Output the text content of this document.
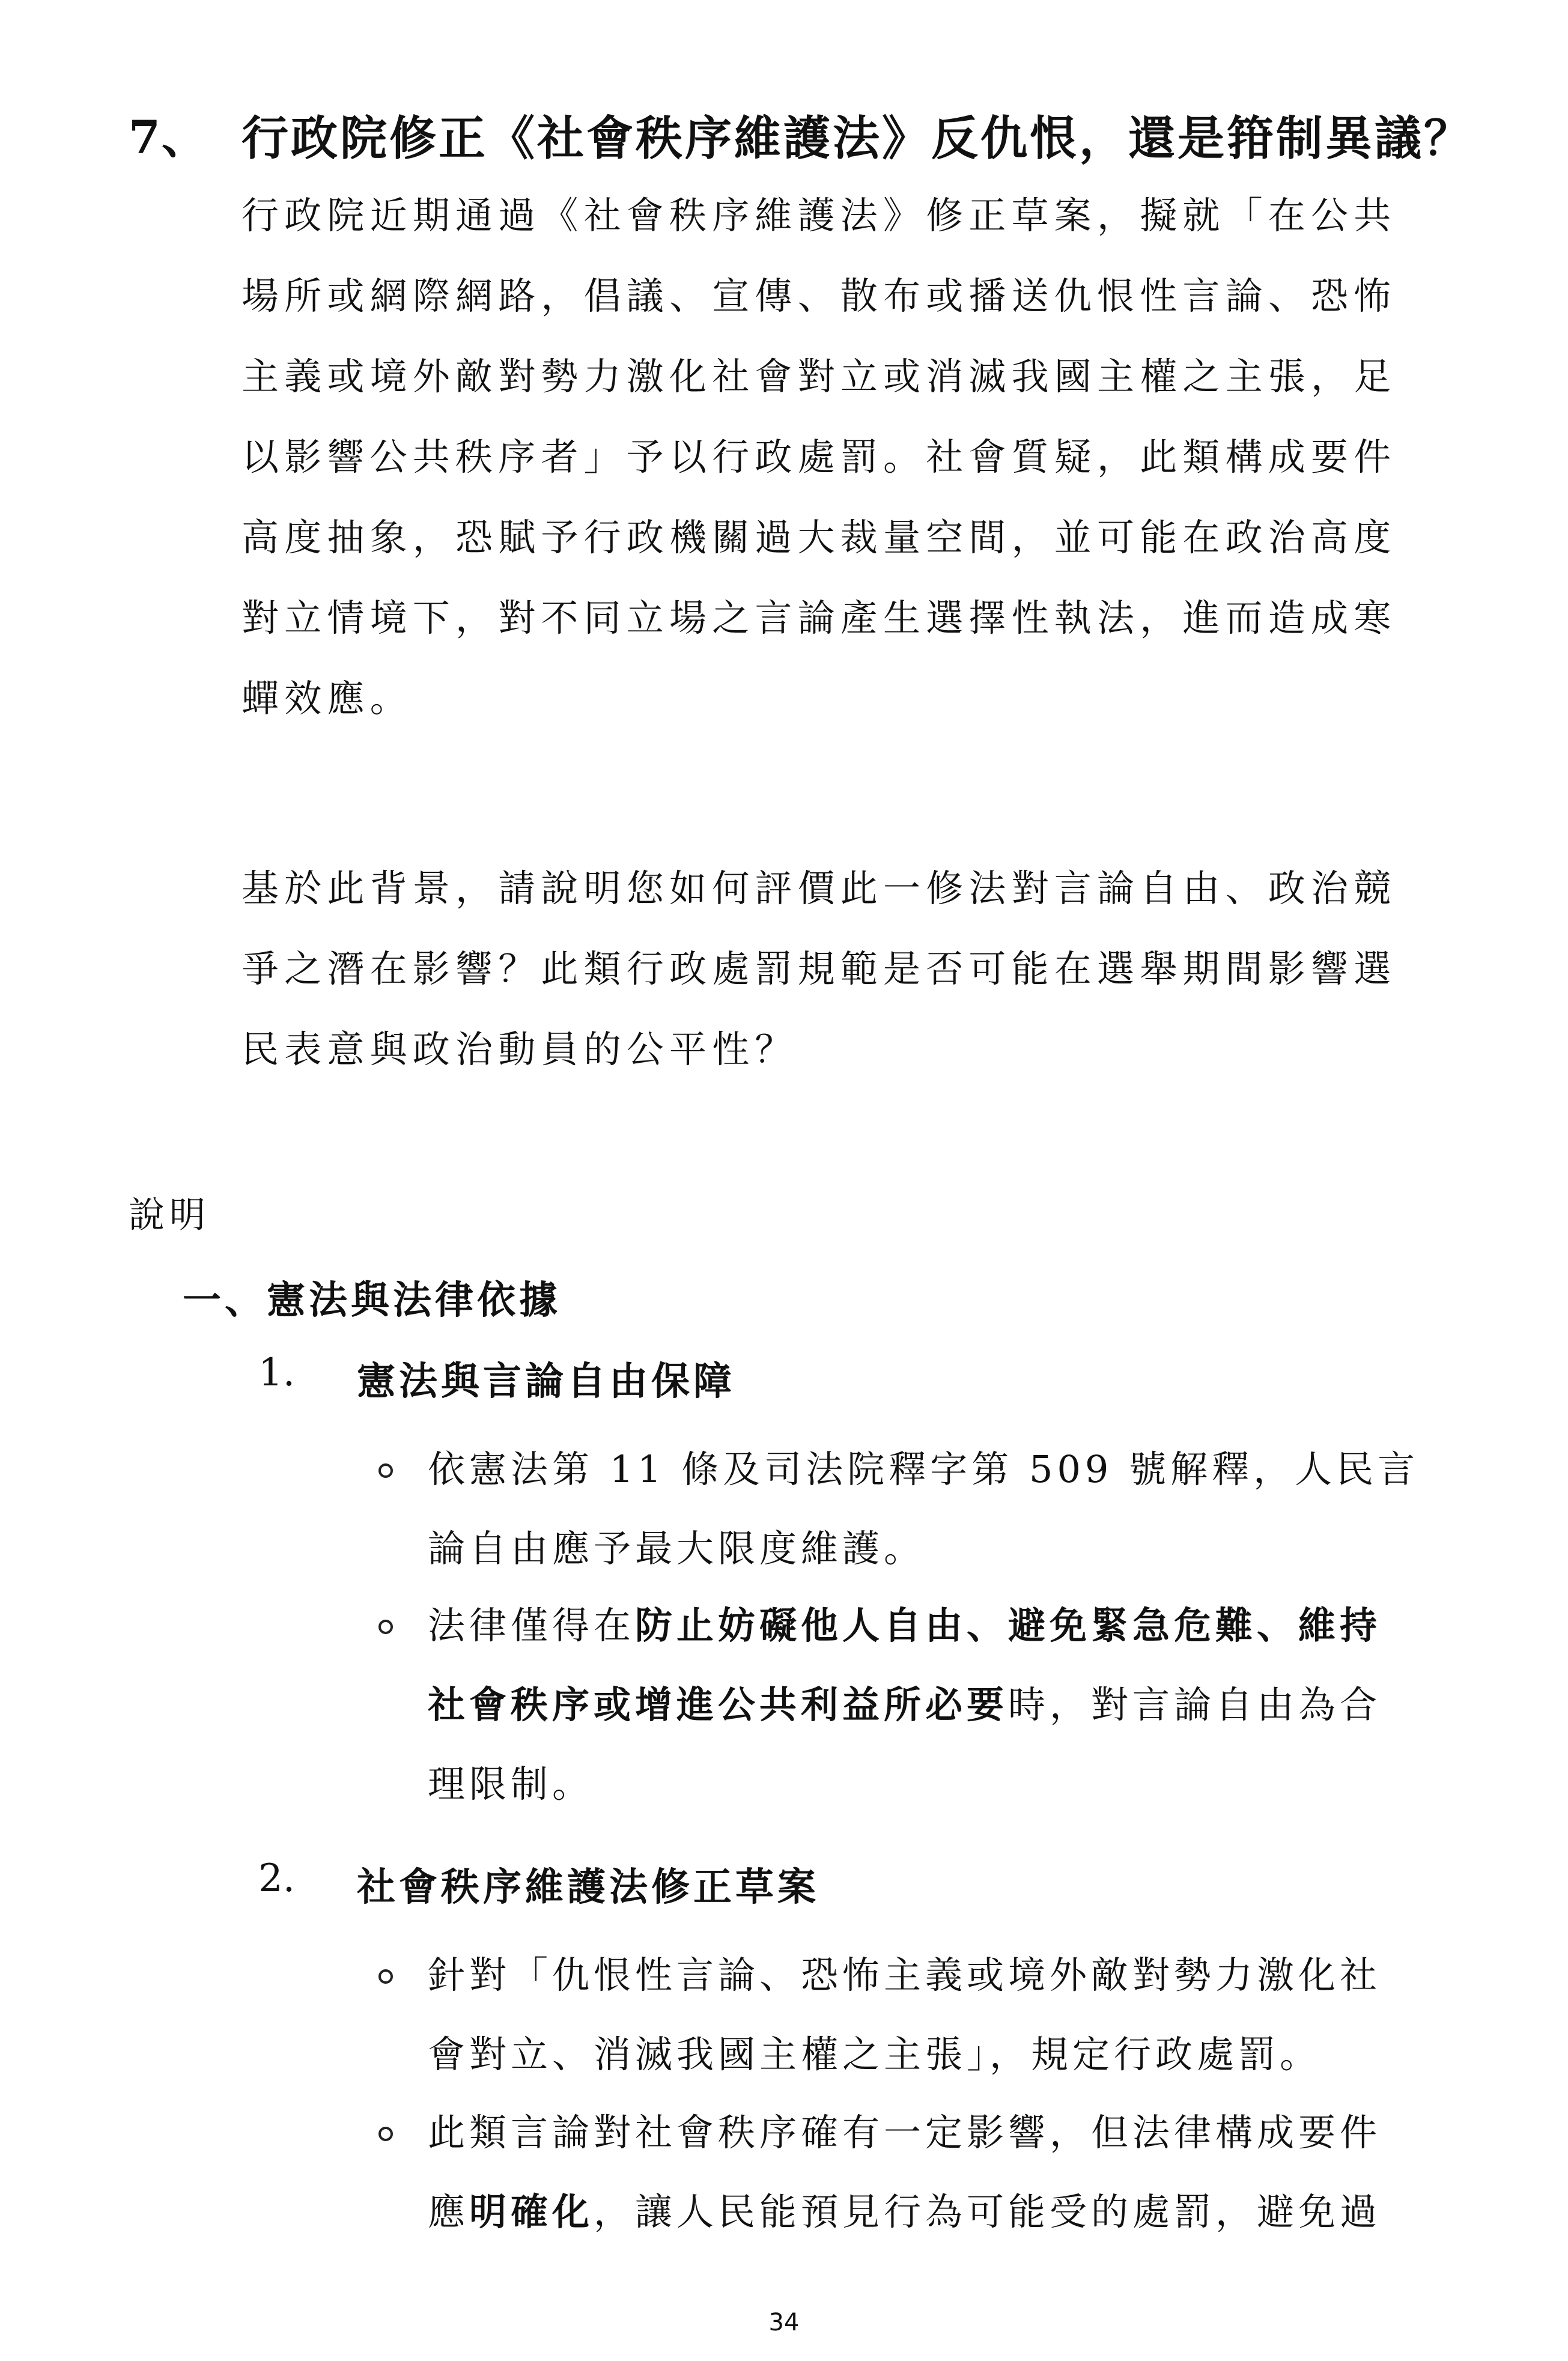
7、 行政院修正《社會秩序維護法》反仇恨，還是箝制異議？
行政院近期通過《社會秩序維護法》修正草案，擬就「在公共
場所或網際網路，倡議、宣傳、散布或播送仇恨性言論、恐怖
主義或境外敵對勢力激化社會對立或消滅我國主權之主張，足
以影響公共秩序者」予以行政處罰。社會質疑，此類構成要件
高度抽象，恐賦予行政機關過大裁量空間，並可能在政治高度
對立情境下，對不同立場之言論產生選擇性執法，進而造成寒
蟬效應。
基於此背景，請說明您如何評價此一修法對言論自由、政治競
爭之潛在影響？此類行政處罰規範是否可能在選舉期間影響選
民表意與政治動員的公平性？
說明
一、憲法與法律依據
1. 憲法與言論自由保障
依憲法第 11 條及司法院釋字第 509 號解釋，人民言
論自由應予最大限度維護。
法律僅得在防止妨礙他人自由、避免緊急危難、維持
社會秩序或增進公共利益所必要時，對言論自由為合
理限制。
2. 社會秩序維護法修正草案
針對「仇恨性言論、恐怖主義或境外敵對勢力激化社
會對立、消滅我國主權之主張」，規定行政處罰。
此類言論對社會秩序確有一定影響，但法律構成要件
應明確化，讓人民能預見行為可能受的處罰，避免過
34
